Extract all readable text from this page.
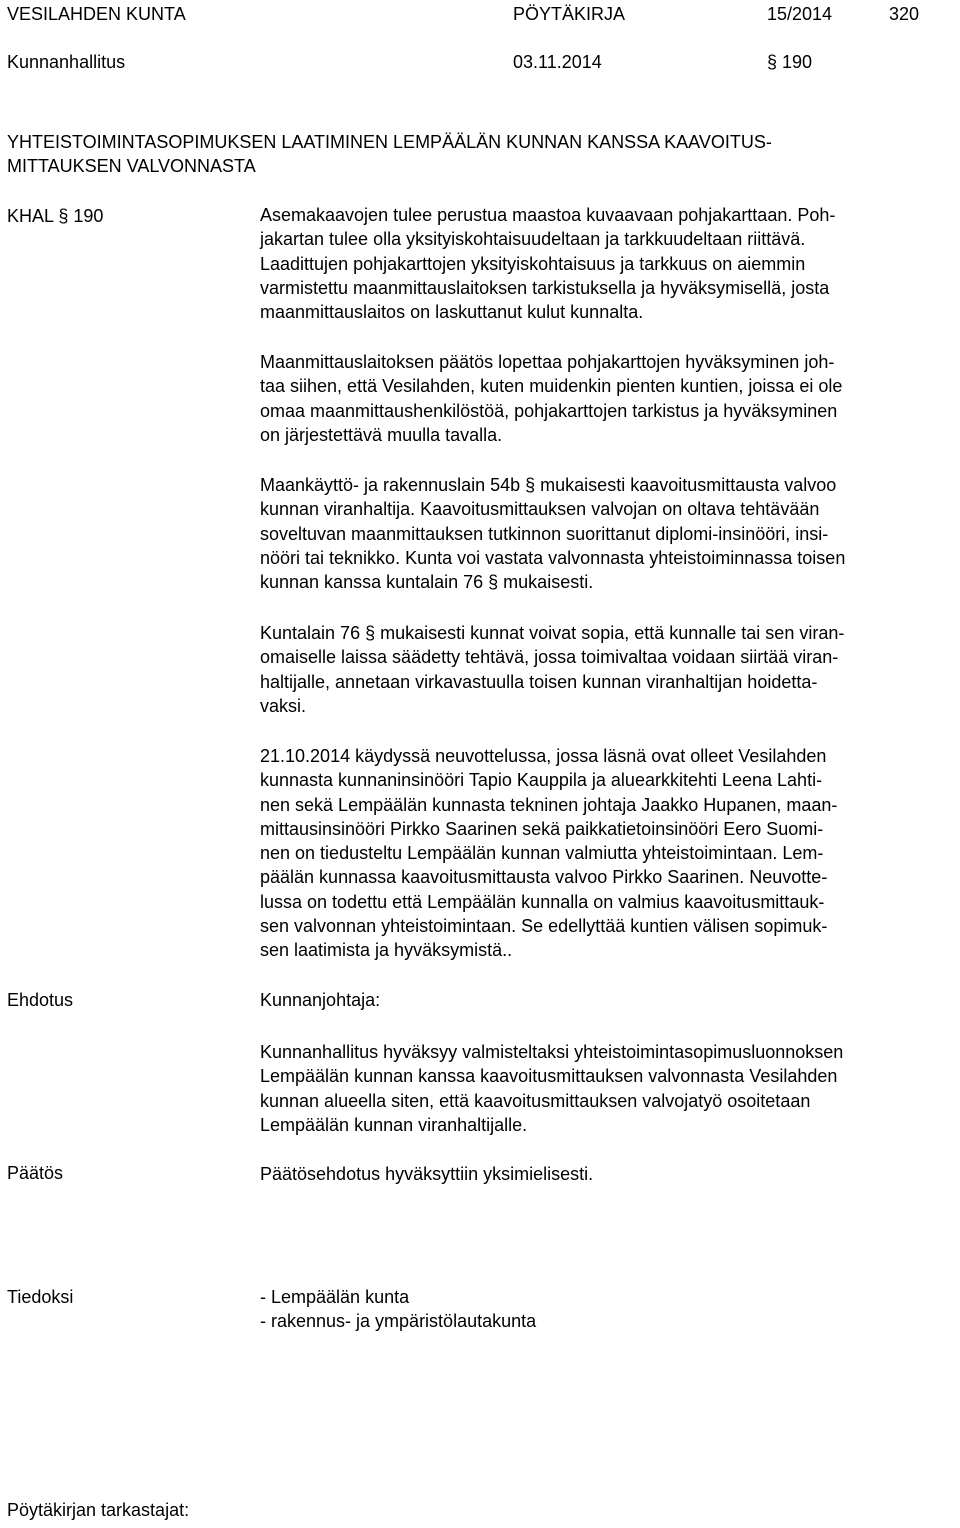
VESILAHDEN KUNTA	PÖYTÄKIRJA	15/2014	320
Kunnanhallitus	03.11.2014	§ 190
YHTEISTOIMINTASOPIMUKSEN LAATIMINEN LEMPÄÄLÄN KUNNAN KANSSA KAAVOITUS-
MITTAUKSEN VALVONNASTA
KHAL § 190	Asemakaavojen tulee perustua maastoa kuvaavaan pohjakarttaan. Poh-
jakartan tulee olla yksityiskohtaisuudeltaan ja tarkkuudeltaan riittävä.
Laadittujen pohjakarttojen yksityiskohtaisuus ja tarkkuus on aiemmin
varmistettu maanmittauslaitoksen tarkistuksella ja hyväksymisellä, josta
maanmittauslaitos on laskuttanut kulut kunnalta.
Maanmittauslaitoksen päätös lopettaa pohjakarttojen hyväksyminen joh-
taa siihen, että Vesilahden, kuten muidenkin pienten kuntien, joissa ei ole
omaa maanmittaushenkilöstöä, pohjakarttojen tarkistus ja hyväksyminen
on järjestettävä muulla tavalla.
Maankäyttö- ja rakennuslain 54b § mukaisesti kaavoitusmittausta valvoo
kunnan viranhaltija. Kaavoitusmittauksen valvojan on oltava tehtävään
soveltuvan maanmittauksen tutkinnon suorittanut diplomi-insinööri, insi-
nööri tai teknikko. Kunta voi vastata valvonnasta yhteistoiminnassa toisen
kunnan kanssa kuntalain 76 § mukaisesti.
Kuntalain 76 § mukaisesti kunnat voivat sopia, että kunnalle tai sen viran-
omaiselle laissa säädetty tehtävä, jossa toimivaltaa voidaan siirtää viran-
haltijalle, annetaan virkavastuulla toisen kunnan viranhaltijan hoidetta-
vaksi.
21.10.2014 käydyssä neuvottelussa, jossa läsnä ovat olleet Vesilahden
kunnasta kunnaninsinööri Tapio Kauppila ja aluearkkitehti Leena Lahti-
nen sekä Lempäälän kunnasta tekninen johtaja Jaakko Hupanen, maan-
mittausinsinööri Pirkko Saarinen sekä paikkatietoinsinööri Eero Suomi-
nen on tiedusteltu Lempäälän kunnan valmiutta yhteistoimintaan. Lem-
päälän kunnassa kaavoitusmittausta valvoo Pirkko Saarinen. Neuvotte-
lussa on todettu että Lempäälän kunnalla on valmius kaavoitusmittauk-
sen valvonnan yhteistoimintaan. Se edellyttää kuntien välisen sopimuk-
sen laatimista ja hyväksymistä..
Ehdotus	Kunnanjohtaja:
Kunnanhallitus hyväksyy valmisteltaksi yhteistoimintasopimusluonnoksen
Lempäälän kunnan kanssa kaavoitusmittauksen valvonnasta Vesilahden
kunnan alueella siten, että kaavoitusmittauksen valvojatyö osoitetaan
Lempäälän kunnan viranhaltijalle.
Päätös	Päätösehdotus hyväksyttiin yksimielisesti.
Tiedoksi	- Lempäälän kunta
- rakennus- ja ympäristölautakunta
Pöytäkirjan tarkastajat:
